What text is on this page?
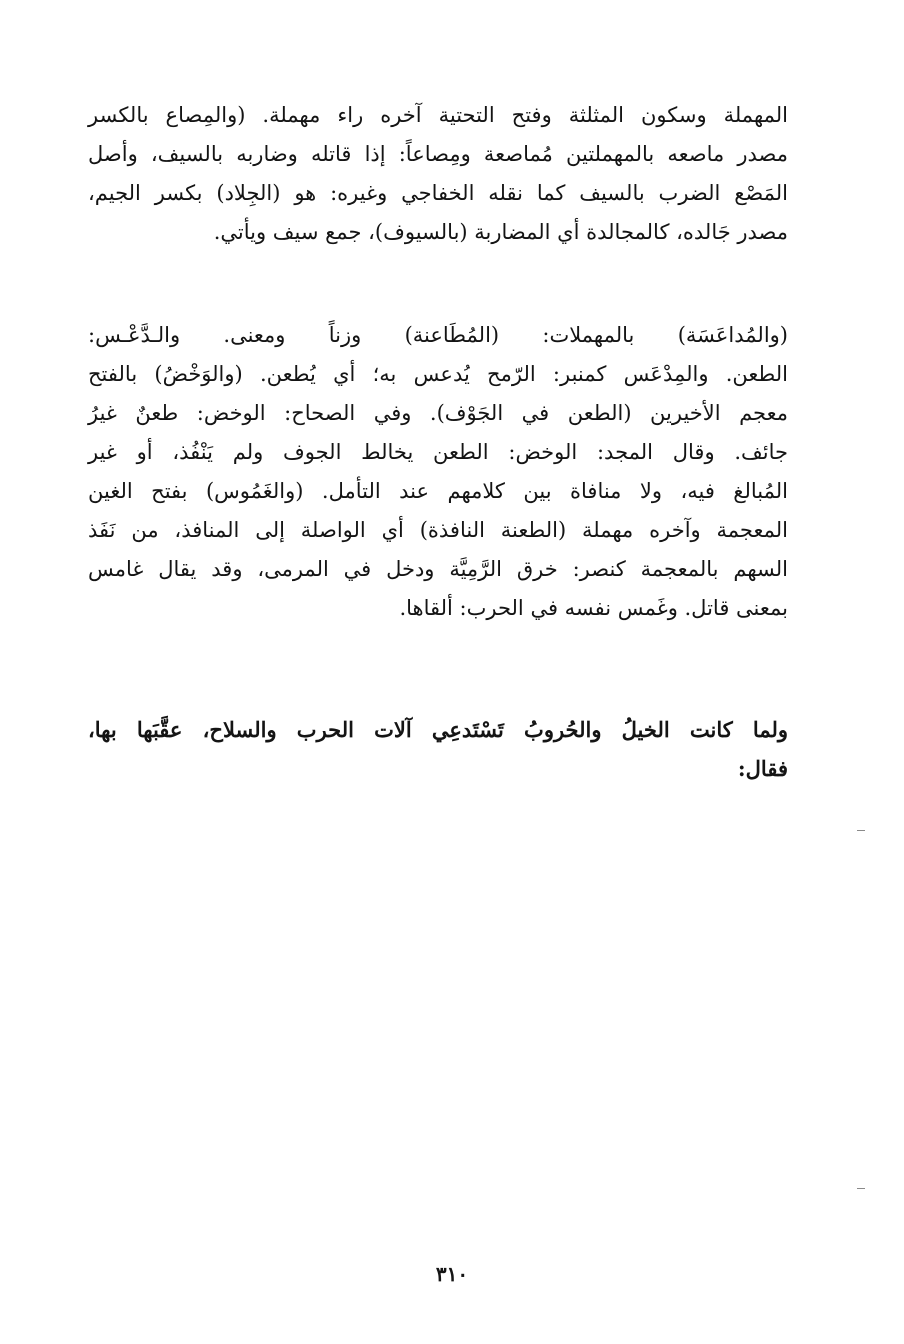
المهملة وسكون المثلثة وفتح التحتية آخره راء مهملة. (والمِصاع بالكسر
مصدر ماصعه بالمهملتين مُماصعة ومِصاعاً: إذا قاتله وضاربه بالسيف، وأصل
المَصْع الضرب بالسيف كما نقله الخفاجي وغيره: هو (الجِلاد) بكسر الجيم،
مصدر جَالده، كالمجالدة أي المضاربة (بالسيوف)، جمع سيف ويأتي.
(والمُداعَسَة) بالمهملات: (المُطَاعنة) وزناً ومعنى. والـدَّعْـس:
الطعن. والمِدْعَس كمنبر: الرّمح يُدعس به؛ أي يُطعن. (والوَخْضُ) بالفتح
معجم الأخيرين (الطعن في الجَوْف). وفي الصحاح: الوخض: طعنٌ غيرُ
جائف. وقال المجد: الوخض: الطعن يخالط الجوف ولم يَنْفُذ، أو غير
المُبالغ فيه، ولا منافاة بين كلامهم عند التأمل. (والغَمُوس) بفتح الغين
المعجمة وآخره مهملة (الطعنة النافذة) أي الواصلة إلى المنافذ، من نَفَذ
السهم بالمعجمة كنصر: خرق الرَّمِيَّة ودخل في المرمى، وقد يقال غامس
بمعنى قاتل. وغَمس نفسه في الحرب: ألقاها.
ولما كانت الخيلُ والحُروبُ تَسْتَدعِي آلات الحرب والسلاح، عقَّبَها بها،
فقال:
٣١٠
